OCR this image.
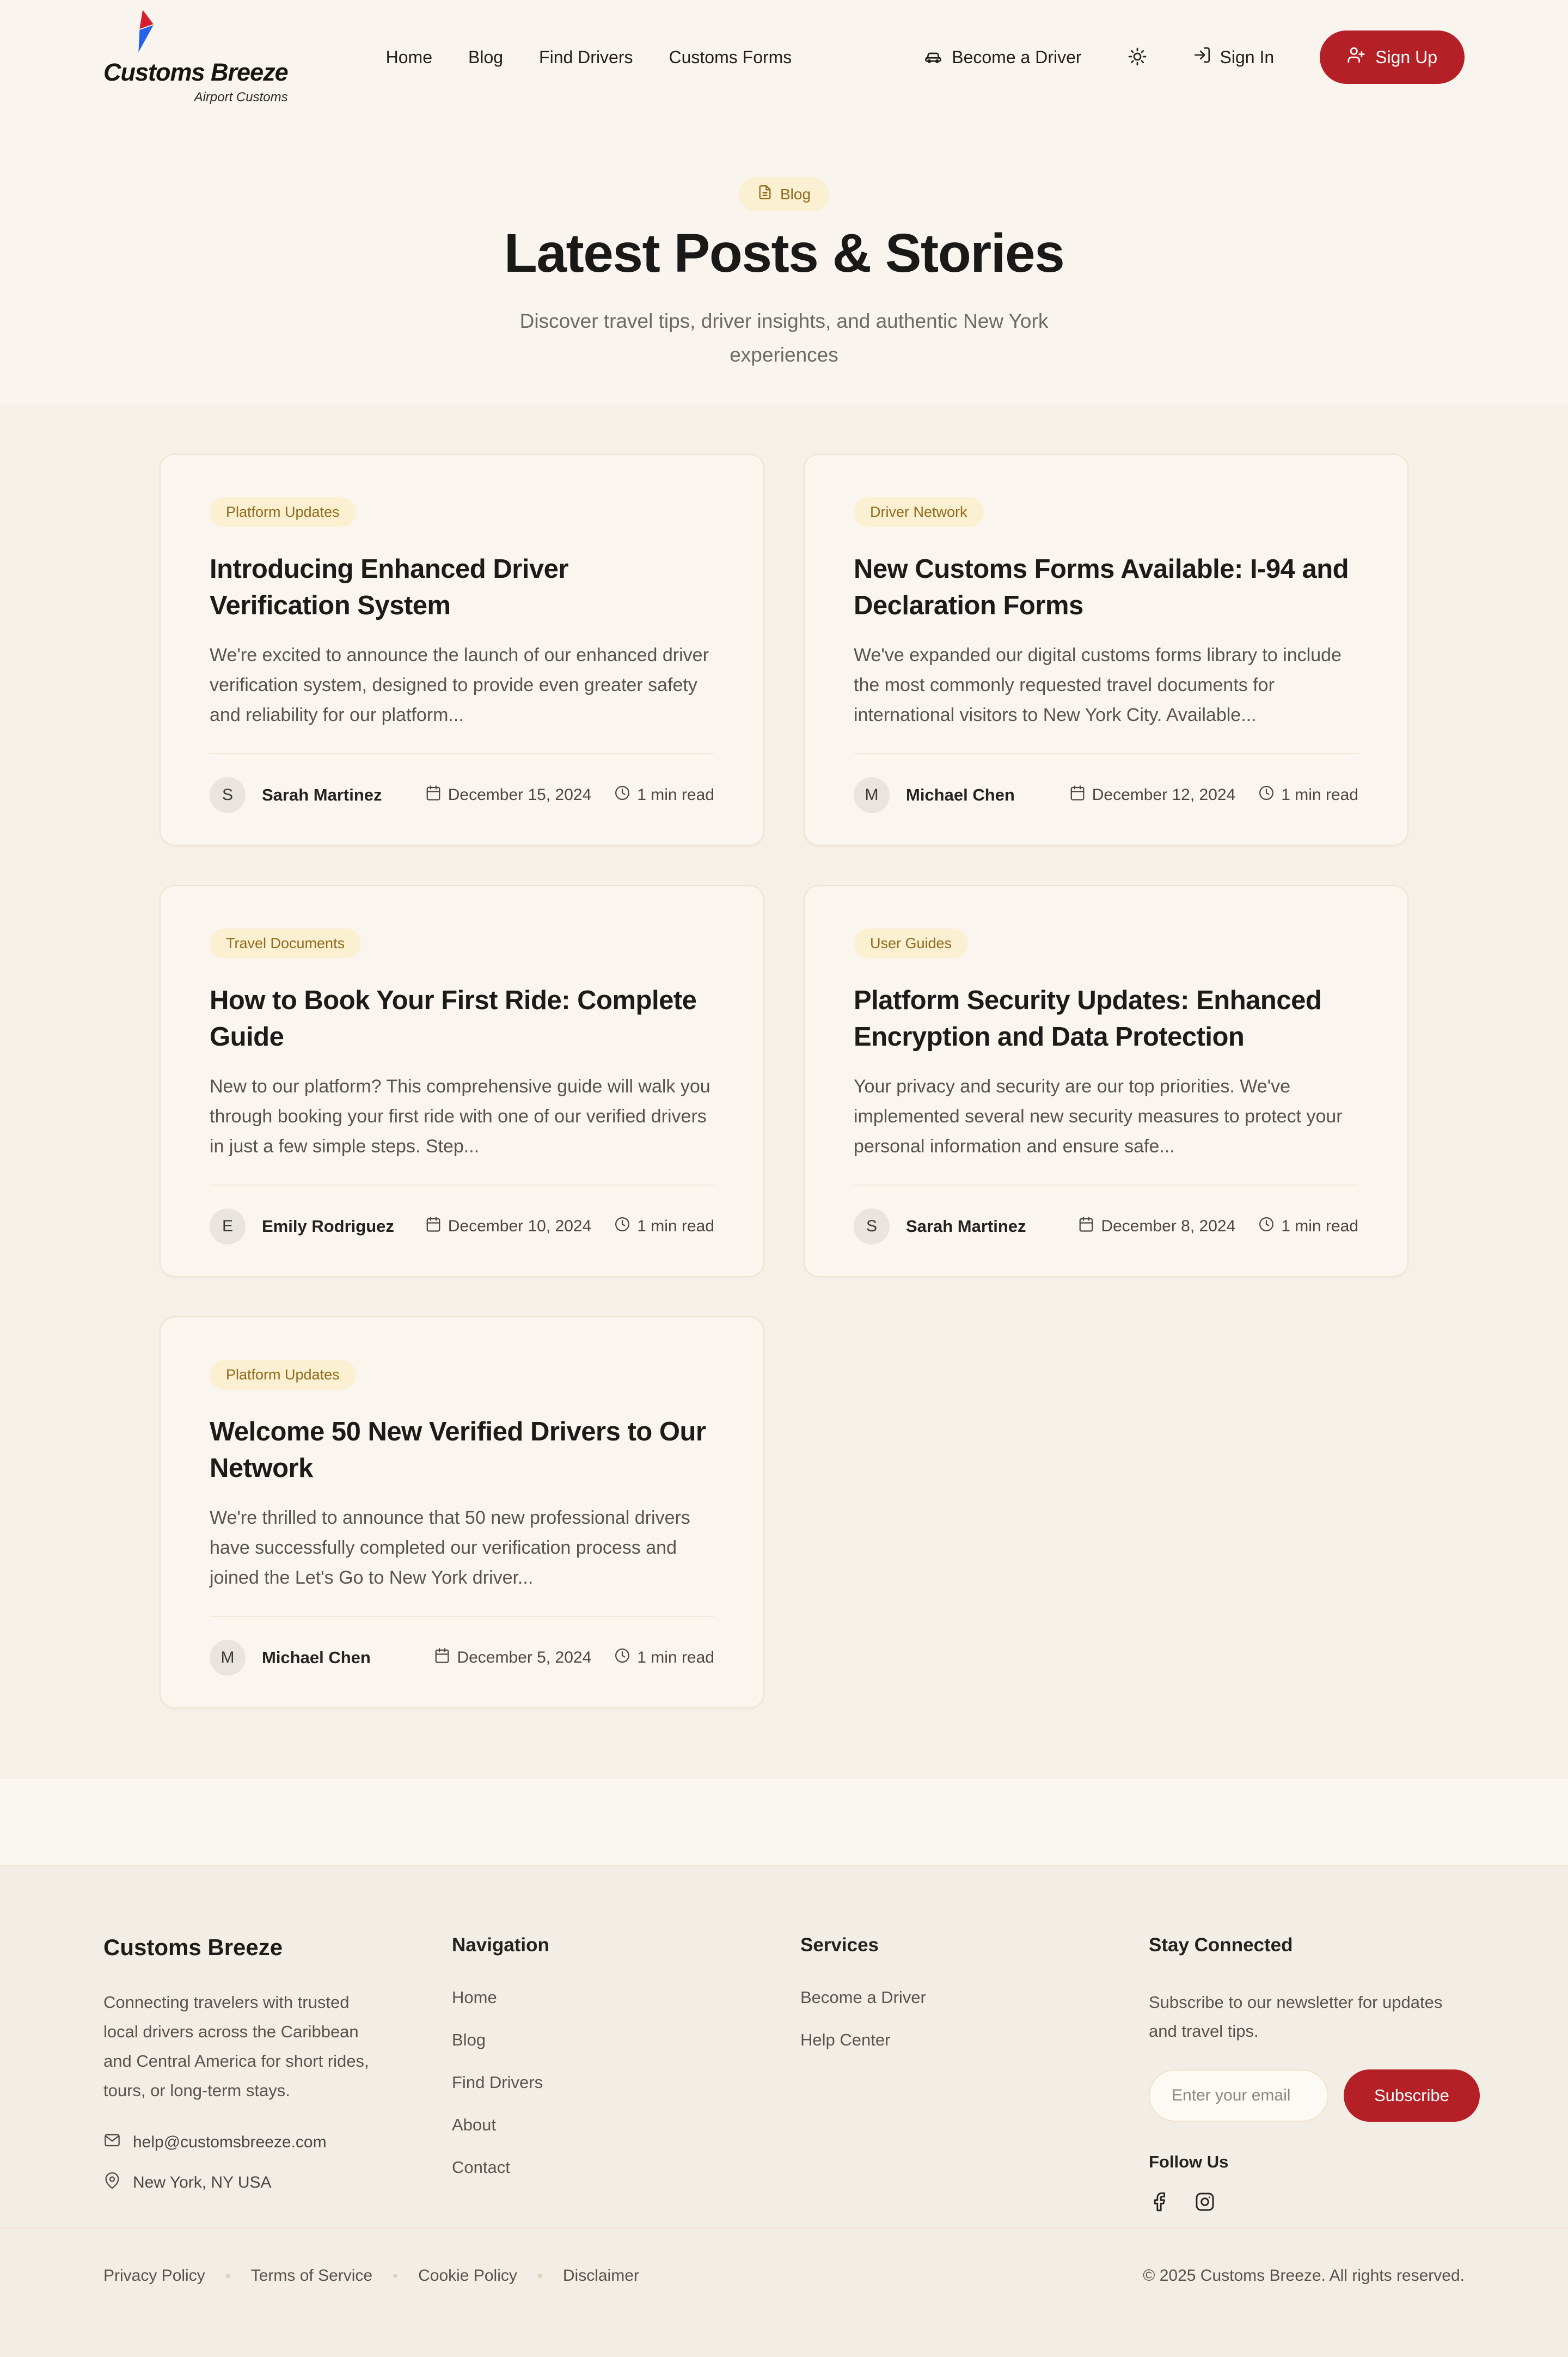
Customs Breeze
Airport Customs
Home Blog Find Drivers Customs Forms	Become a Driver	Sign In	Sign Up
Blog
Latest Posts & Stories

Discover travel tips, driver insights, and authentic New York experiences

Platform Updates
Introducing Enhanced Driver Verification System

We're excited to announce the launch of our enhanced driver verification system, designed to provide even greater safety and reliability for our platform...

S	Sarah Martinez	December 15, 2024	1 min read
Driver Network
New Customs Forms Available: I-94 and Declaration Forms

We've expanded our digital customs forms library to include the most commonly requested travel documents for international visitors to New York City. Available...

M	Michael Chen	December 12, 2024	1 min read
Travel Documents
How to Book Your First Ride: Complete Guide

New to our platform? This comprehensive guide will walk you through booking your first ride with one of our verified drivers in just a few simple steps. Step...

E	Emily Rodriguez	December 10, 2024	1 min read
User Guides
Platform Security Updates: Enhanced Encryption and Data Protection

Your privacy and security are our top priorities. We've implemented several new security measures to protect your personal information and ensure safe...

S	Sarah Martinez	December 8, 2024	1 min read
Platform Updates
Welcome 50 New Verified Drivers to Our Network

We're thrilled to announce that 50 new professional drivers have successfully completed our verification process and joined the Let's Go to New York driver...

M	Michael Chen	December 5, 2024	1 min read
Customs Breeze

Connecting travelers with trusted local drivers across the Caribbean and Central America for short rides, tours, or long-term stays.

help@customsbreeze.com
New York, NY USA
Navigation
Home
Blog
Find Drivers
About
Contact
Services
Become a Driver
Help Center
Stay Connected

Subscribe to our newsletter for updates and travel tips.

Enter your email
Subscribe
Follow Us
Privacy Policy	Terms of Service	Cookie Policy	Disclaimer	© 2025 Customs Breeze. All rights reserved.
